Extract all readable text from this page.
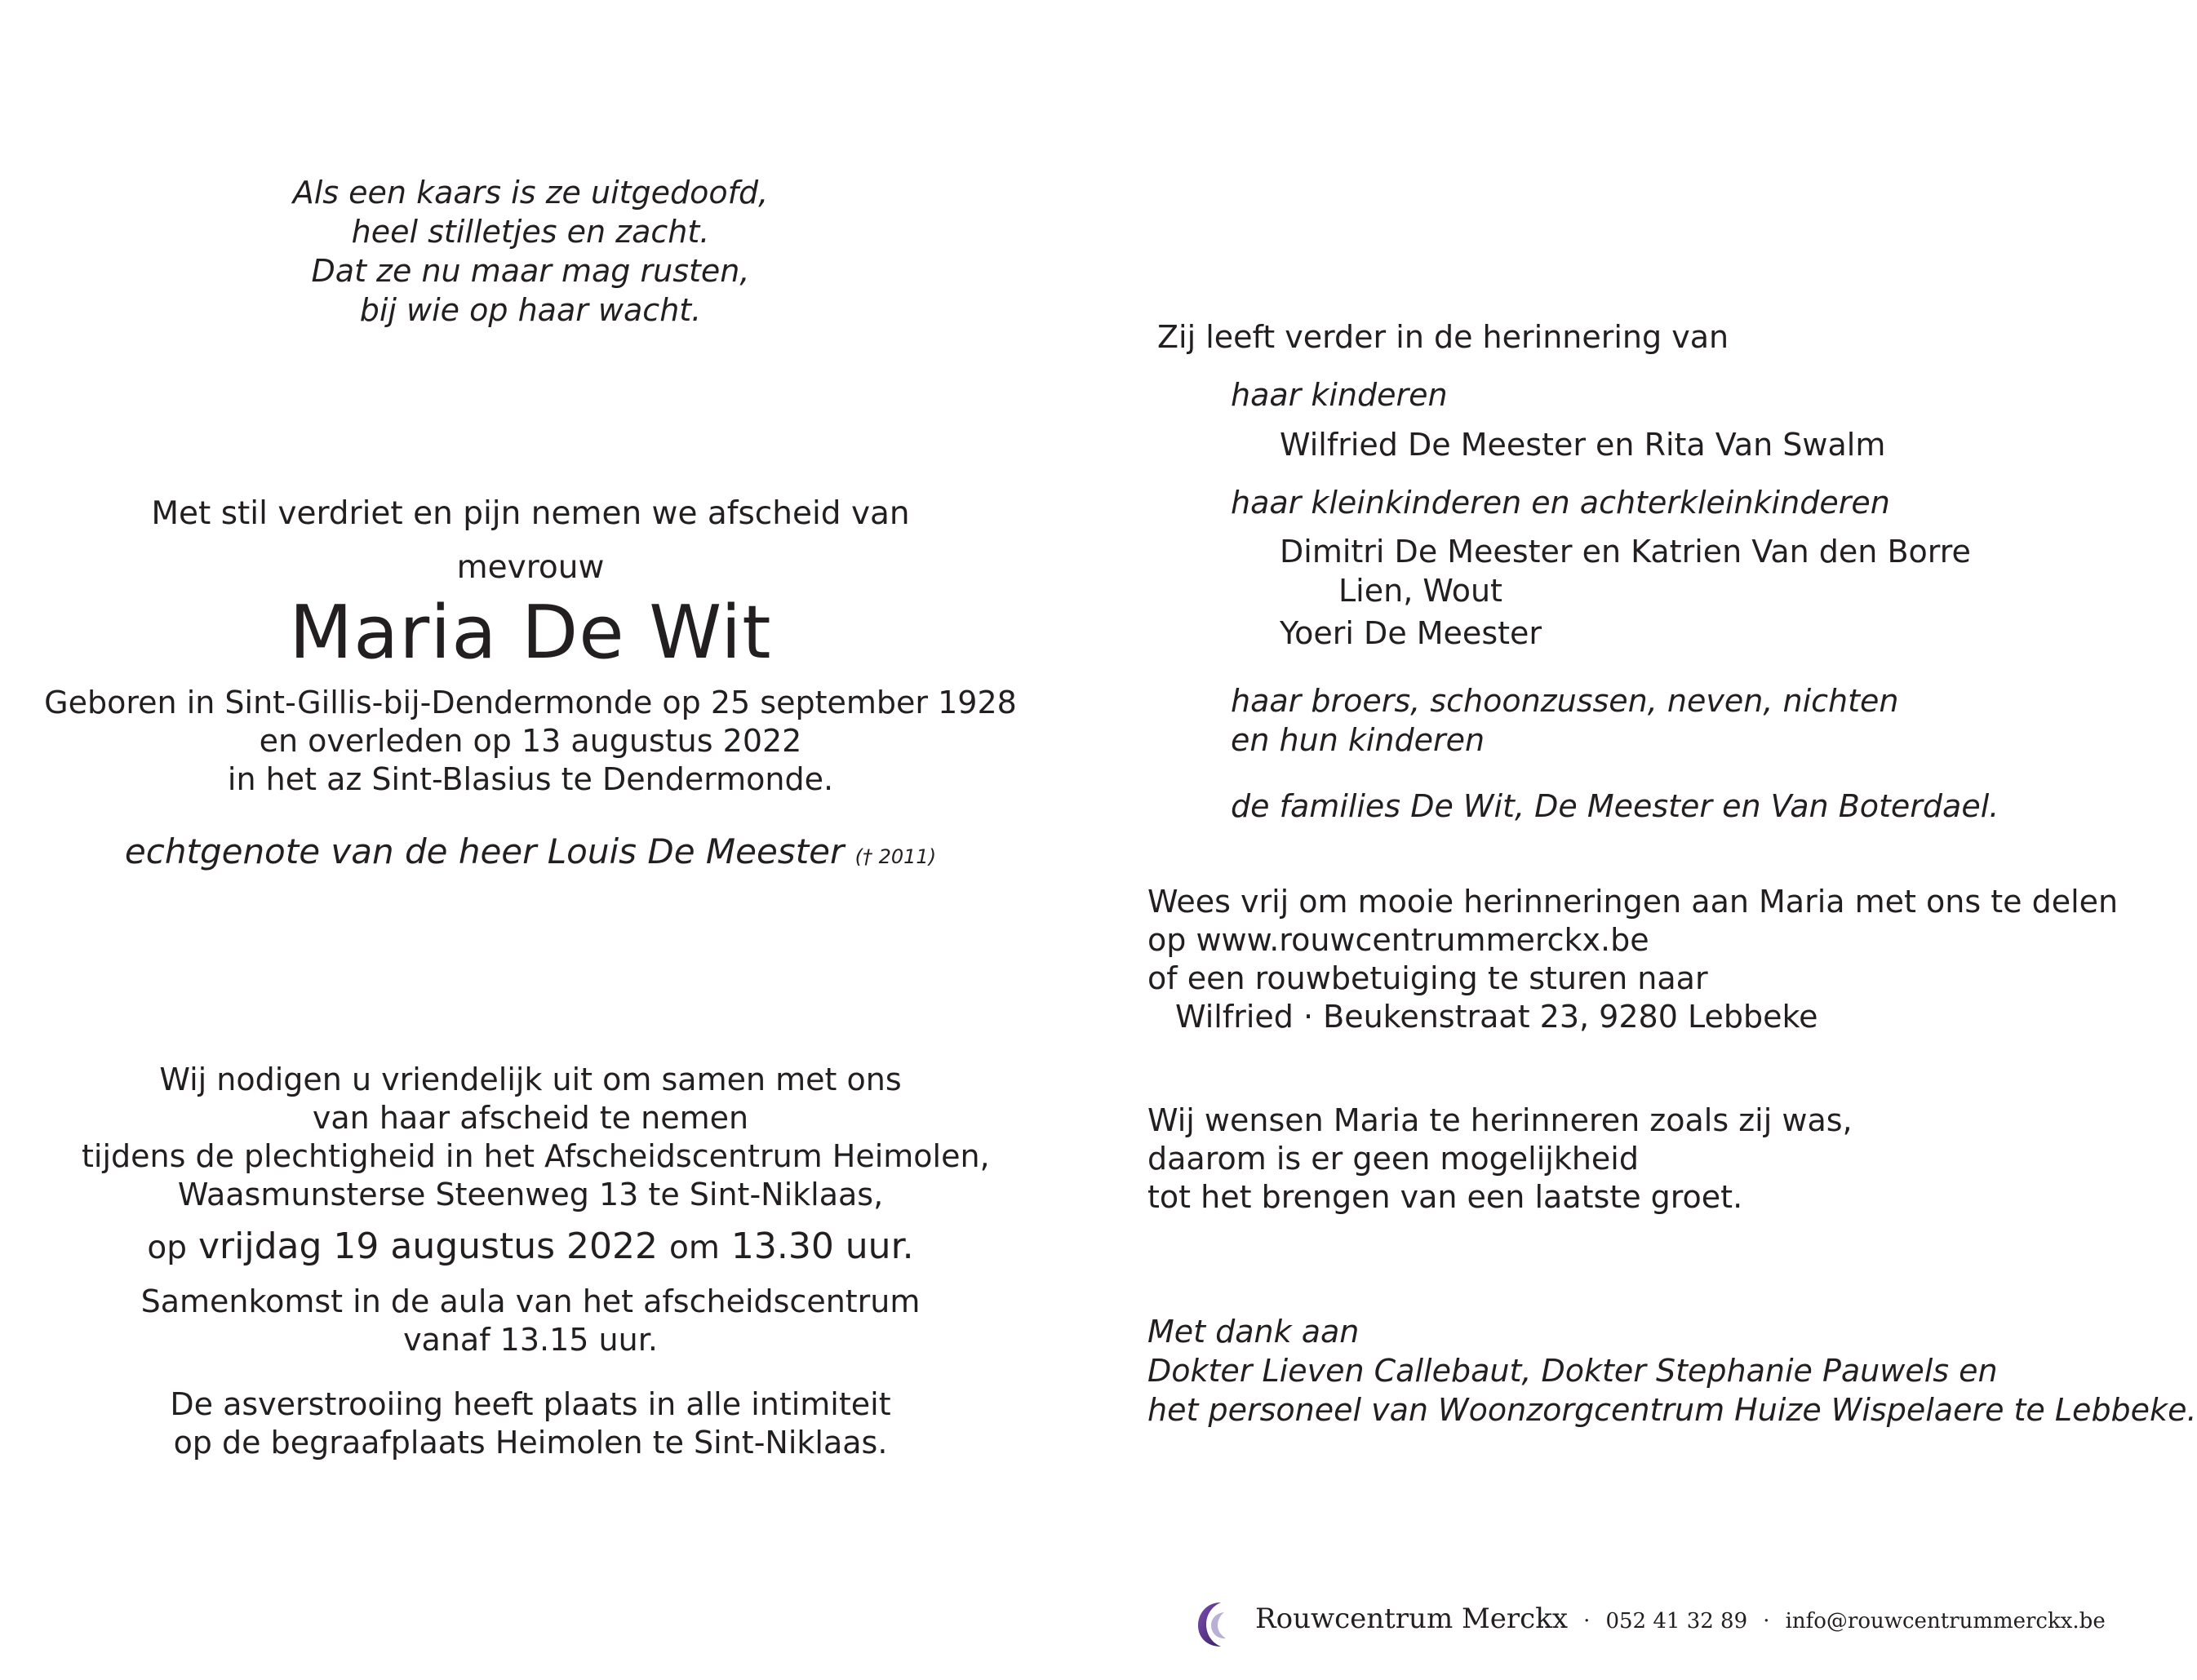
Als een kaars is ze uitgedoofd,
heel stilletjes en zacht.
Dat ze nu maar mag rusten,
bij wie op haar wacht.
Met stil verdriet en pijn nemen we afscheid van
mevrouw
Maria De Wit
Geboren in Sint-Gillis-bij-Dendermonde op 25 september 1928
en overleden op 13 augustus 2022
in het az Sint-Blasius te Dendermonde.
echtgenote van de heer Louis De Meester († 2011)
Wij nodigen u vriendelijk uit om samen met ons
van haar afscheid te nemen
tijdens de plechtigheid in het Afscheidscentrum Heimolen,
Waasmunsterse Steenweg 13 te Sint-Niklaas,
op vrijdag 19 augustus 2022 om 13.30 uur.
Samenkomst in de aula van het afscheidscentrum
vanaf 13.15 uur.
De asverstrooiing heeft plaats in alle intimiteit
op de begraafplaats Heimolen te Sint-Niklaas.
Zij leeft verder in de herinnering van
haar kinderen
Wilfried De Meester en Rita Van Swalm
haar kleinkinderen en achterkleinkinderen
Dimitri De Meester en Katrien Van den Borre
Lien, Wout
Yoeri De Meester
haar broers, schoonzussen, neven, nichten
en hun kinderen
de families De Wit, De Meester en Van Boterdael.
Wees vrij om mooie herinneringen aan Maria met ons te delen
op www.rouwcentrummerckx.be
of een rouwbetuiging te sturen naar
Wilfried · Beukenstraat 23, 9280 Lebbeke
Wij wensen Maria te herinneren zoals zij was,
daarom is er geen mogelijkheid
tot het brengen van een laatste groet.
Met dank aan
Dokter Lieven Callebaut, Dokter Stephanie Pauwels en
het personeel van Woonzorgcentrum Huize Wispelaere te Lebbeke.
Rouwcentrum Merckx · 052 41 32 89 · info@rouwcentrummerckx.be
